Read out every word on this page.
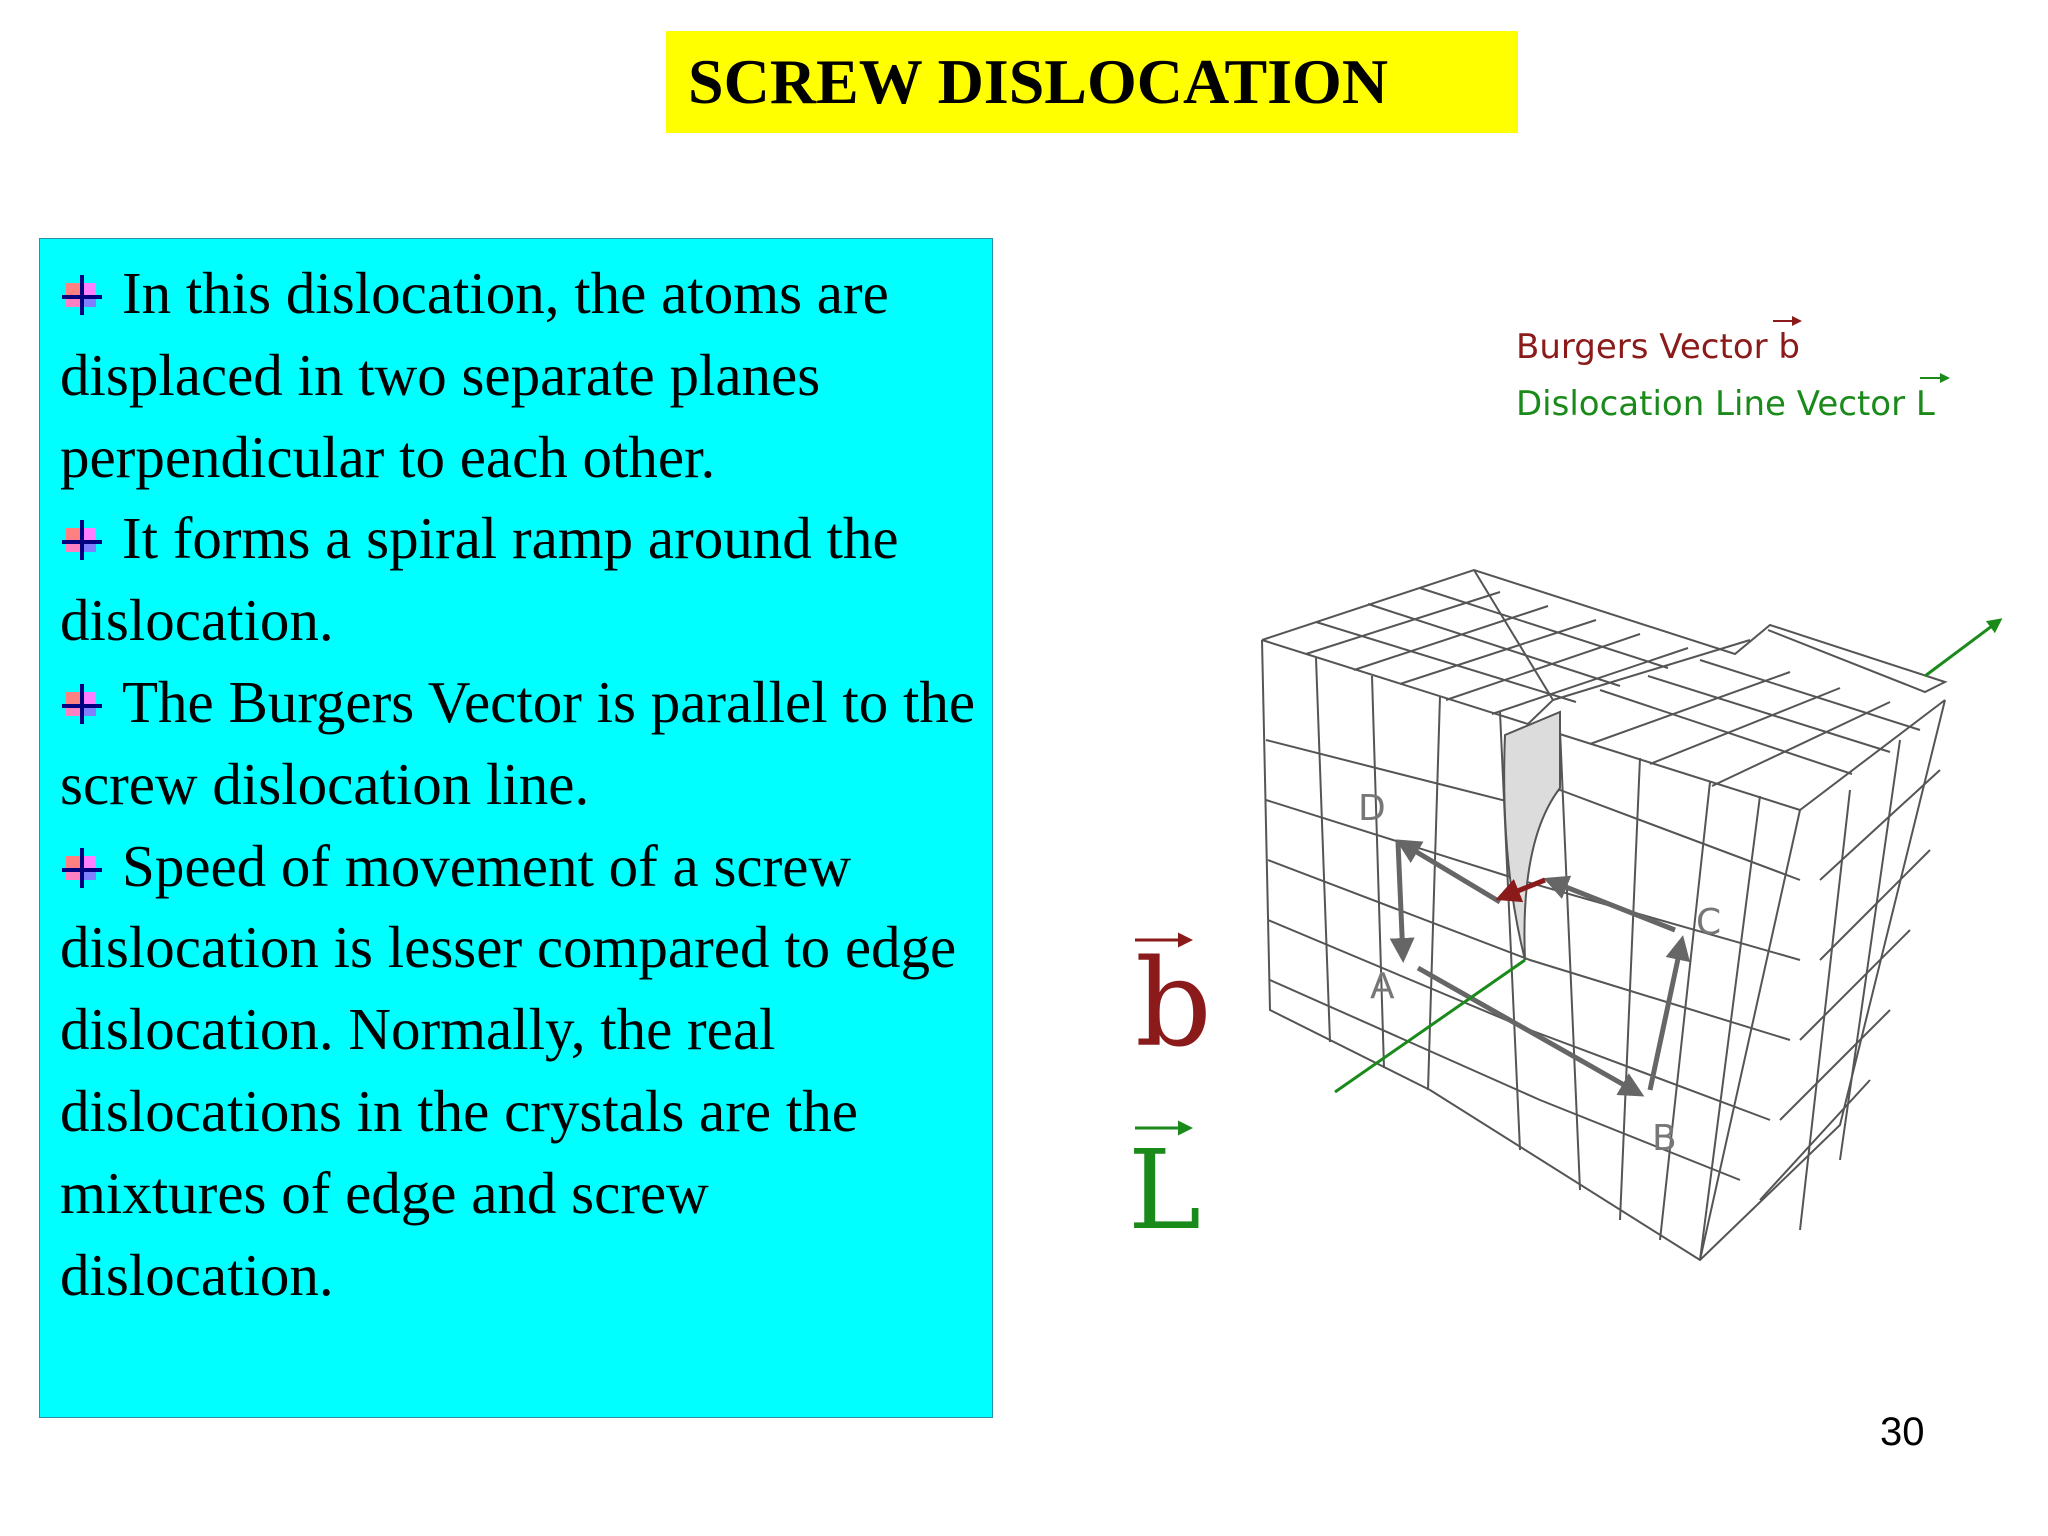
SCREW DISLOCATION
In this dislocation, the atoms are displaced in two separate planes perpendicular to each other.
It forms a spiral ramp around the dislocation.
The Burgers Vector is parallel to the screw dislocation line.
Speed of movement of a screw dislocation is lesser compared to edge dislocation. Normally, the real dislocations in the crystals are the mixtures of edge and screw dislocation.
Burgers Vector b
Dislocation Line Vector L
D
A
B
C
b
L
30
